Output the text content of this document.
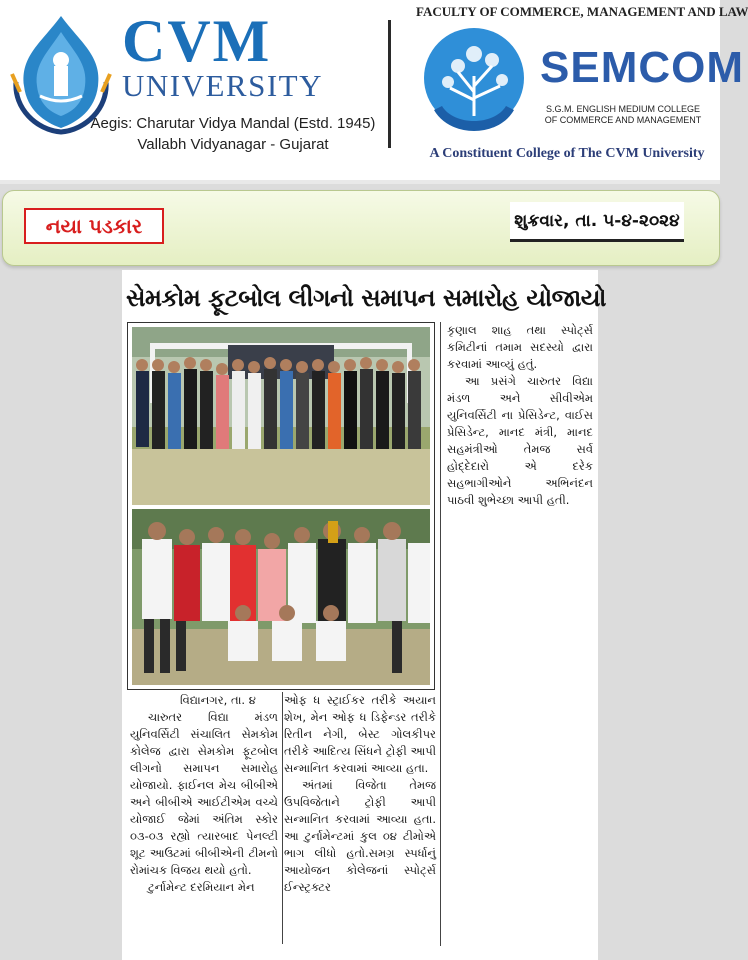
CVM
UNIVERSITY
Aegis: Charutar Vidya Mandal (Estd. 1945)
Vallabh Vidyanagar - Gujarat
FACULTY OF COMMERCE, MANAGEMENT AND LAW
SEMCOM
S.G.M. ENGLISH MEDIUM COLLEGE OF COMMERCE AND MANAGEMENT
A Constituent College of The CVM University
નયા પડકાર	શુક્રવાર, તા. ૫-૪-૨૦૨૪
સેમકોમ ફૂટબોલ લીગનો સમાપન સમારોહ યોજાયો

વિદ્યાનગર, તા. ૪

ચારુતર વિદ્યા મંડળ યુનિવર્સિટી સંચાલિત સેમકોમ કોલેજ દ્વારા સેમકોમ ફૂટબોલ લીગનો સમાપન સમારોહ યોજાયો. ફાઈનલ મેચ બીબીએ અને બીબીએ આઈટીએમ વચ્ચે યોજાઈ જેમાં અંતિમ સ્કોર ૦૩-૦૩ રહ્યો ત્યારબાદ પેનલ્ટી શૂટ આઉટમાં બીબીએની ટીમનો રોમાંચક વિજય થયો હતો.

ટુર્નામેન્ટ દરમિયાન મેન

ઓફ ધ સ્ટ્રાઈકર તરીકે અયાન શેખ, મેન ઓફ ધ ડિફેન્ડર તરીકે રિતીન નેગી, બેસ્ટ ગોલકીપર તરીકે આદિત્ય સિંધને ટ્રોફી આપી સન્માનિત કરવામાં આવ્યા હતા.

અંતમાં વિજેતા તેમજ ઉપવિજેતાને ટ્રોફી આપી સન્માનિત કરવામાં આવ્યા હતા. આ ટુર્નામેન્ટમાં કુલ ૦૪ ટીમોએ ભાગ લીધો હતો.સમગ્ર સ્પર્ધાનું આયોજન કોલેજનાં સ્પોર્ટ્સ ઈન્સ્ટ્રક્ટર

કૃણાલ શાહ તથા સ્પોર્ટ્સ કમિટીનાં તમામ સદસ્યો દ્વારા કરવામાં આવ્યું હતું.

આ પ્રસંગે ચારુતર વિદ્યા મંડળ અને સીવીએમ યુનિવર્સિટી ના પ્રેસિડેન્ટ, વાઈસ પ્રેસિડેન્ટ, માનદ મંત્રી, માનદ સહમંત્રીઓ તેમજ સર્વ હોદ્દેદારો એ દરેક સહભાગીઓને અભિનંદન પાઠવી શુભેચ્છા આપી હતી.
